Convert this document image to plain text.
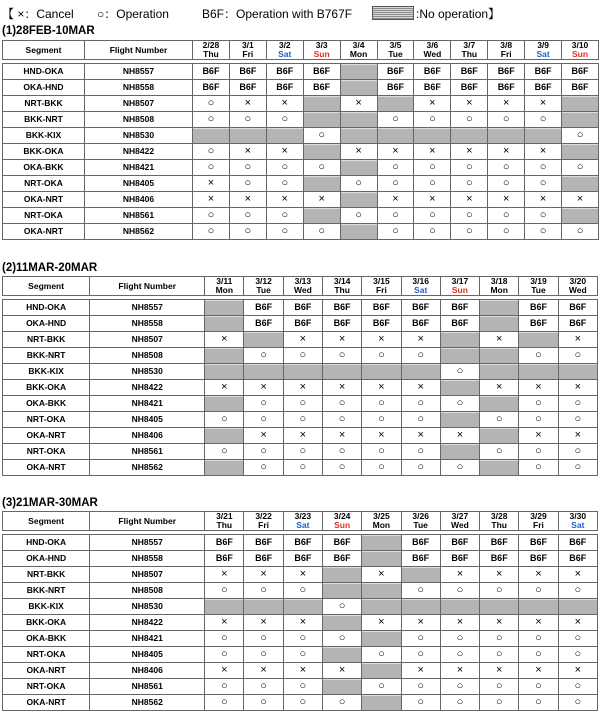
【 ×：Cancel ○：Operation	B6F：Operation with B767F	:No operation】
(1)28FEB-10MAR
Segment	Flight Number	2/28	3/1	3/2	3/3	3/4	3/5	3/6	3/7	3/8	3/9	3/10
		Thu	Fri	Sat	Sun	Mon	Tue	Wed	Thu	Fri	Sat	Sun

HND-OKA	NH8557	B6F	B6F	B6F	B6F		B6F	B6F	B6F	B6F	B6F	B6F
OKA-HND	NH8558	B6F	B6F	B6F	B6F		B6F	B6F	B6F	B6F	B6F	B6F
NRT-BKK	NH8507	○	×	×		×		×	×	×	×	
BKK-NRT	NH8508	○	○	○			○	○	○	○	○	
BKK-KIX	NH8530				○							○
BKK-OKA	NH8422	○	×	×		×	×	×	×	×	×	
OKA-BKK	NH8421	○	○	○	○		○	○	○	○	○	○
NRT-OKA	NH8405	×	○	○		○	○	○	○	○	○	
OKA-NRT	NH8406	×	×	×	×		×	×	×	×	×	×
NRT-OKA	NH8561	○	○	○		○	○	○	○	○	○	
OKA-NRT	NH8562	○	○	○	○		○	○	○	○	○	○
(2)11MAR-20MAR
Segment	Flight Number	3/11	3/12	3/13	3/14	3/15	3/16	3/17	3/18	3/19	3/20
		Mon	Tue	Wed	Thu	Fri	Sat	Sun	Mon	Tue	Wed

HND-OKA	NH8557		B6F	B6F	B6F	B6F	B6F	B6F		B6F	B6F
OKA-HND	NH8558		B6F	B6F	B6F	B6F	B6F	B6F		B6F	B6F
NRT-BKK	NH8507	×		×	×	×	×		×		×
BKK-NRT	NH8508		○	○	○	○	○			○	○
BKK-KIX	NH8530							○			
BKK-OKA	NH8422	×	×	×	×	×	×		×	×	×
OKA-BKK	NH8421		○	○	○	○	○	○		○	○
NRT-OKA	NH8405	○	○	○	○	○	○		○	○	○
OKA-NRT	NH8406		×	×	×	×	×	×		×	×
NRT-OKA	NH8561	○	○	○	○	○	○		○	○	○
OKA-NRT	NH8562		○	○	○	○	○	○		○	○
(3)21MAR-30MAR
Segment	Flight Number	3/21	3/22	3/23	3/24	3/25	3/26	3/27	3/28	3/29	3/30
		Thu	Fri	Sat	Sun	Mon	Tue	Wed	Thu	Fri	Sat

HND-OKA	NH8557	B6F	B6F	B6F	B6F		B6F	B6F	B6F	B6F	B6F
OKA-HND	NH8558	B6F	B6F	B6F	B6F		B6F	B6F	B6F	B6F	B6F
NRT-BKK	NH8507	×	×	×		×		×	×	×	×
BKK-NRT	NH8508	○	○	○			○	○	○	○	○
BKK-KIX	NH8530				○						
BKK-OKA	NH8422	×	×	×		×	×	×	×	×	×
OKA-BKK	NH8421	○	○	○	○		○	○	○	○	○
NRT-OKA	NH8405	○	○	○		○	○	○	○	○	○
OKA-NRT	NH8406	×	×	×	×		×	×	×	×	×
NRT-OKA	NH8561	○	○	○		○	○	○	○	○	○
OKA-NRT	NH8562	○	○	○	○		○	○	○	○	○
